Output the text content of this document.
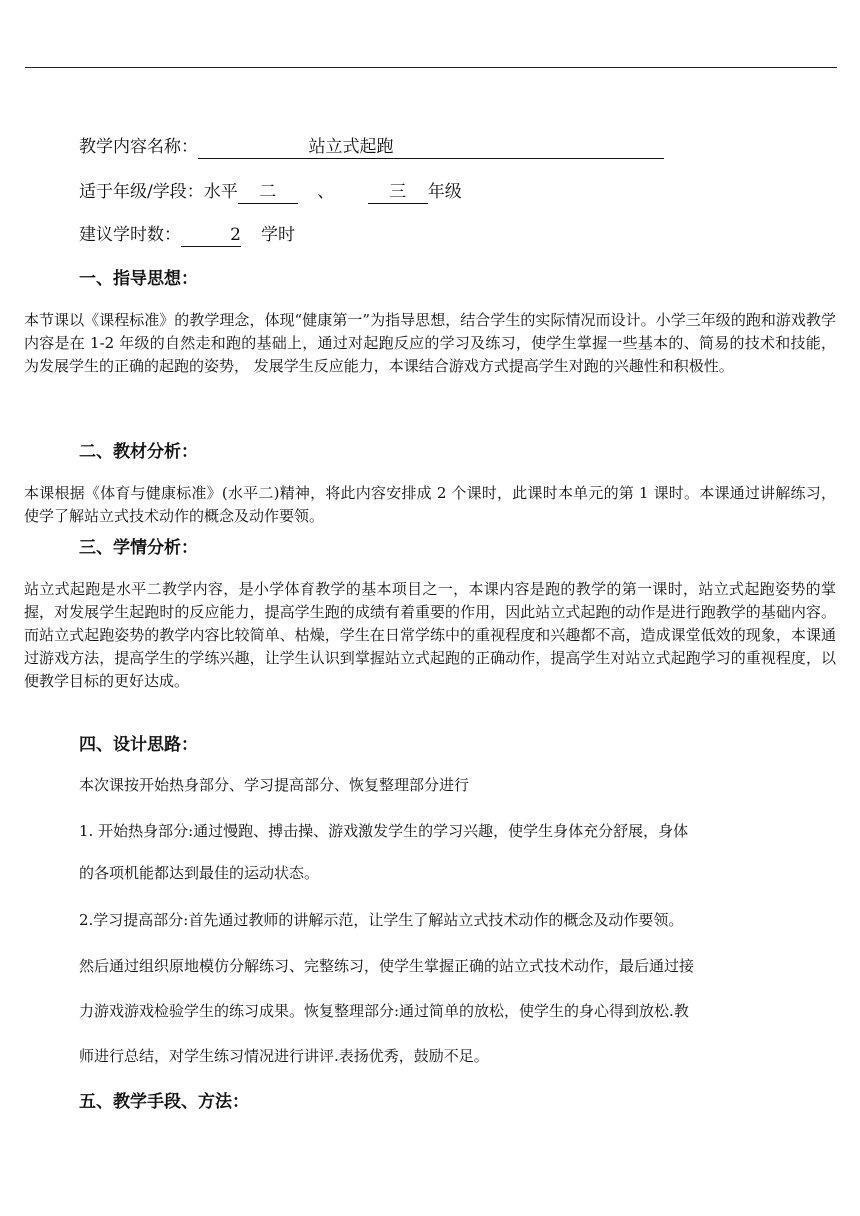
教学内容名称：	站立式起跑
适于年级/学段：水平 二 、	三 年级
建议学时数：	2 学时
一、指导思想：
本节课以《课程标准》的教学理念，体现“健康第一”为指导思想，结合学生的实际情况而设计。小学三年级的跑和游戏教学内容是在 1-2 年级的自然走和跑的基础上，通过对起跑反应的学习及练习，使学生掌握一些基本的、简易的技术和技能，为发展学生的正确的起跑的姿势， 发展学生反应能力，本课结合游戏方式提高学生对跑的兴趣性和积极性。
二、教材分析：
本课根据《体育与健康标准》(水平二)精神，将此内容安排成 2 个课时，此课时本单元的第 1 课时。本课通过讲解练习，使学了解站立式技术动作的概念及动作要领。
三、学情分析：
站立式起跑是水平二教学内容，是小学体育教学的基本项目之一，本课内容是跑的教学的第一课时，站立式起跑姿势的掌握，对发展学生起跑时的反应能力，提高学生跑的成绩有着重要的作用，因此站立式起跑的动作是进行跑教学的基础内容。而站立式起跑姿势的教学内容比较简单、枯燥，学生在日常学练中的重视程度和兴趣都不高，造成课堂低效的现象，本课通过游戏方法，提高学生的学练兴趣，让学生认识到掌握站立式起跑的正确动作，提高学生对站立式起跑学习的重视程度，以便教学目标的更好达成。
四、设计思路：
本次课按开始热身部分、学习提高部分、恢复整理部分进行
1. 开始热身部分:通过慢跑、搏击操、游戏激发学生的学习兴趣，使学生身体充分舒展，身体
的各项机能都达到最佳的运动状态。
2.学习提高部分:首先通过教师的讲解示范，让学生了解站立式技术动作的概念及动作要领。
然后通过组织原地模仿分解练习、完整练习，使学生掌握正确的站立式技术动作，最后通过接
力游戏游戏检验学生的练习成果。恢复整理部分:通过简单的放松，使学生的身心得到放松.教
师进行总结，对学生练习情况进行讲评.表扬优秀，鼓励不足。
五、教学手段、方法：
